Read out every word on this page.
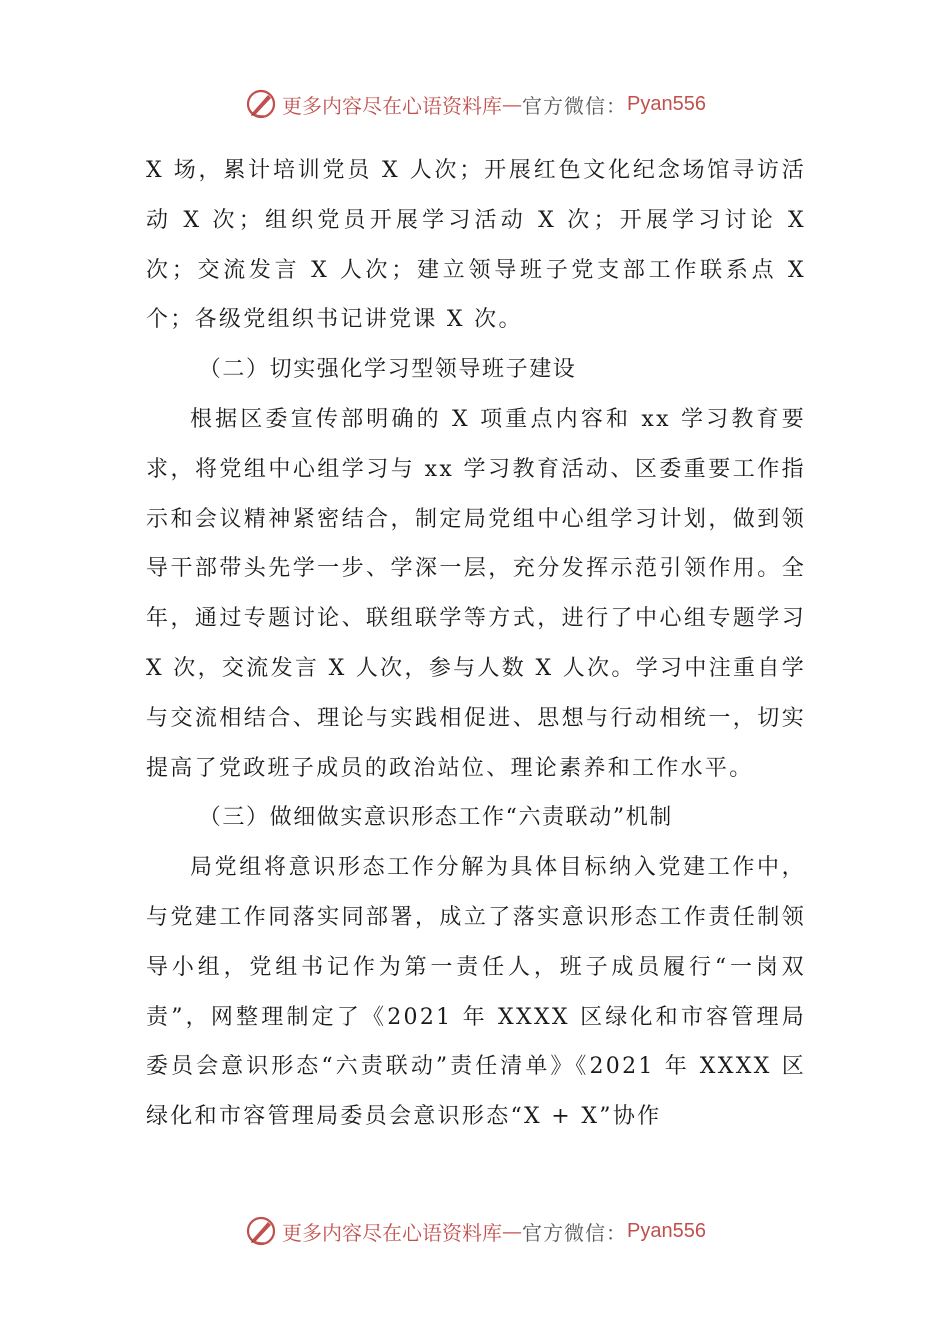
更多内容尽在心语资料库 — 官方微信： Pyan556

X 场，累计培训党员 X 人次；开展红色文化纪念场馆寻访活动 X 次；组织党员开展学习活动 X 次；开展学习讨论 X 次；交流发言 X 人次；建立领导班子党支部工作联系点 X 个；各级党组织书记讲党课 X 次。

（二）切实强化学习型领导班子建设

根据区委宣传部明确的 X 项重点内容和 xx 学习教育要求，将党组中心组学习与 xx 学习教育活动、区委重要工作指示和会议精神紧密结合，制定局党组中心组学习计划，做到领导干部带头先学一步、学深一层，充分发挥示范引领作用。全年，通过专题讨论、联组联学等方式，进行了中心组专题学习 X 次，交流发言 X 人次，参与人数 X 人次。学习中注重自学与交流相结合、理论与实践相促进、思想与行动相统一，切实提高了党政班子成员的政治站位、理论素养和工作水平。

（三）做细做实意识形态工作“六责联动”机制

局党组将意识形态工作分解为具体目标纳入党建工作中，与党建工作同落实同部署，成立了落实意识形态工作责任制领导小组，党组书记作为第一责任人，班子成员履行“一岗双责”，网整理制定了《2021 年 XXXX 区绿化和市容管理局委员会意识形态“六责联动”责任清单》《2021 年 XXXX 区绿化和市容管理局委员会意识形态“X + X”协作

更多内容尽在心语资料库 — 官方微信： Pyan556
